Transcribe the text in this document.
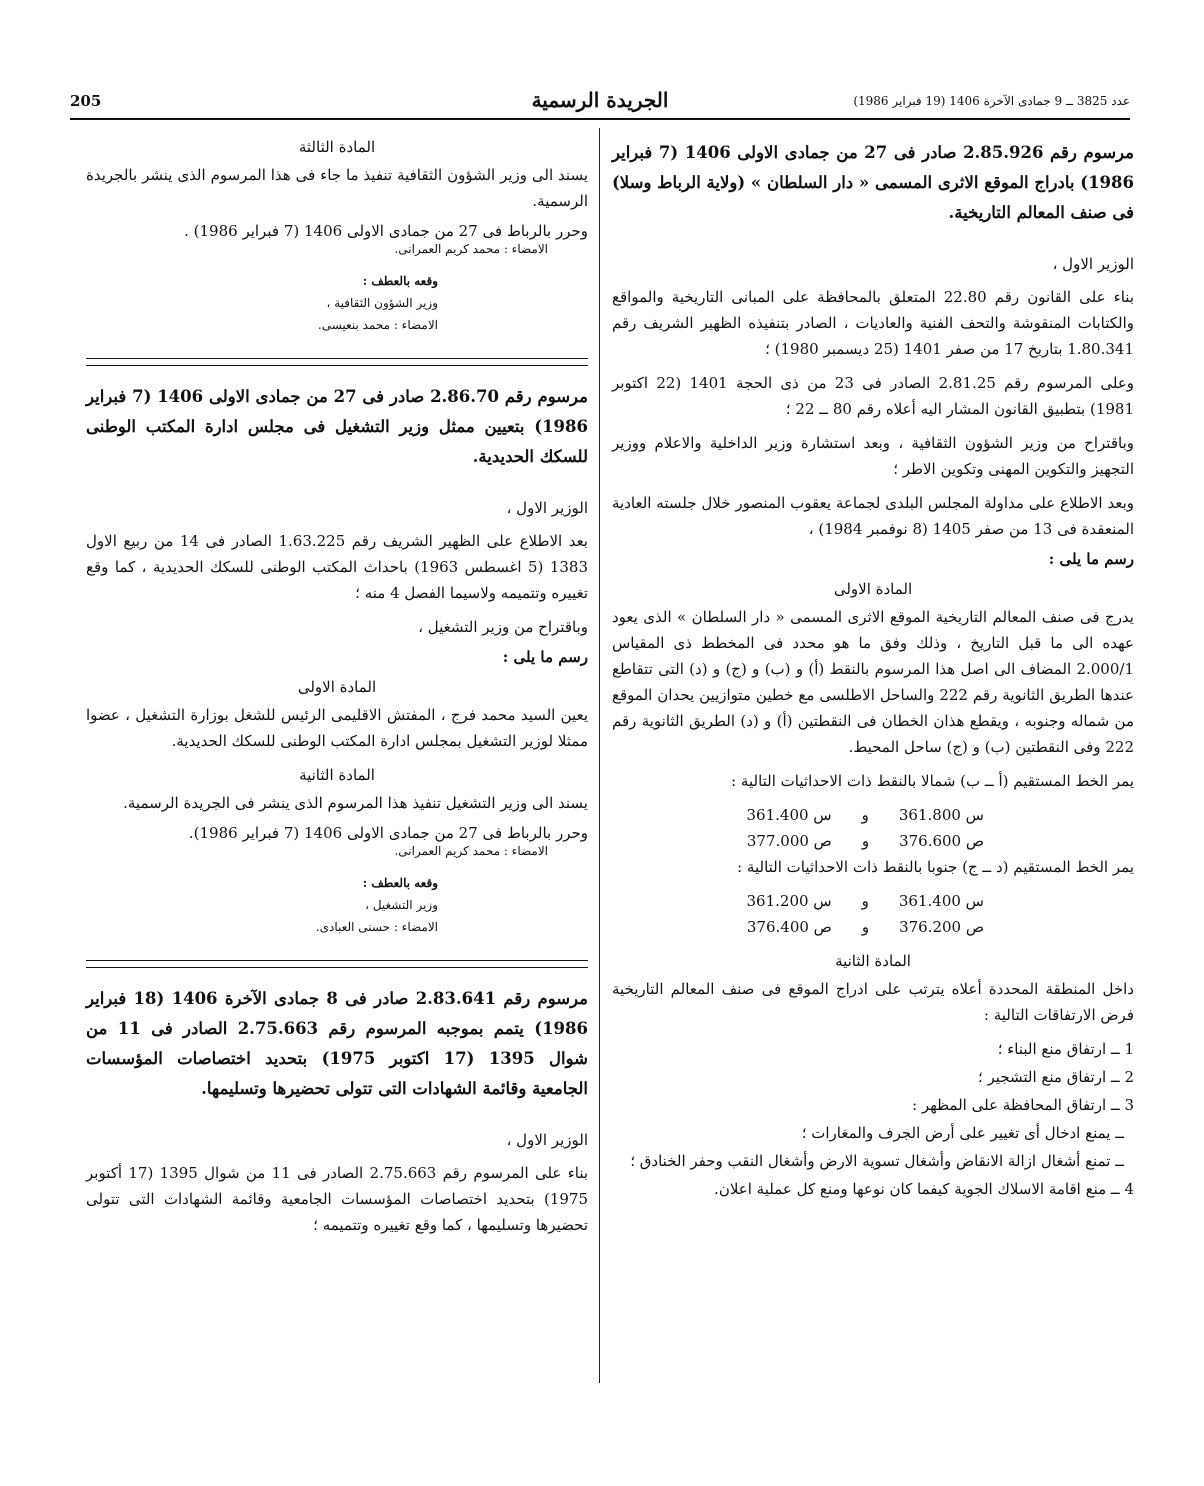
205	الجريدة الرسمية	عدد 3825 ــ 9 جمادى الآخرة 1406 (19 فبراير 1986)
مرسوم رقم 2.85.926 صادر فى 27 من جمادى الاولى 1406 (7 فبراير 1986) بادراج الموقع الاثرى المسمى « دار السلطان » (ولاية الرباط وسلا) فى صنف المعالم التاريخية.
الوزير الاول ،
بناء على القانون رقم 22.80 المتعلق بالمحافظة على المبانى التاريخية والمواقع والكتابات المنقوشة والتحف الفنية والعاديات ، الصادر بتنفيذه الظهير الشريف رقم 1.80.341 بتاريخ 17 من صفر 1401 (25 ديسمبر 1980) ؛
وعلى المرسوم رقم 2.81.25 الصادر فى 23 من ذى الحجة 1401 (22 اكتوبر 1981) بتطبيق القانون المشار اليه أعلاه رقم 80 ــ 22 ؛
وباقتراح من وزير الشؤون الثقافية ، وبعد استشارة وزير الداخلية والاعلام ووزير التجهيز والتكوين المهنى وتكوين الاطر ؛
وبعد الاطلاع على مداولة المجلس البلدى لجماعة يعقوب المنصور خلال جلسته العادية المنعقدة فى 13 من صفر 1405 (8 نوفمبر 1984) ،
رسم ما يلى :
المادة الاولى
يدرج فى صنف المعالم التاريخية الموقع الاثرى المسمى « دار السلطان » الذى يعود عهده الى ما قبل التاريخ ، وذلك وفق ما هو محدد فى المخطط ذى المقياس 2.000/1 المضاف الى اصل هذا المرسوم بالنقط (أ) و (ب) و (ج) و (د) التى تتقاطع عندها الطريق الثانوية رقم 222 والساحل الاطلسى مع خطين متوازيين يحدان الموقع من شماله وجنوبه ، ويقطع هذان الخطان فى النقطتين (أ) و (د) الطريق الثانوية رقم 222 وفى النقطتين (ب) و (ج) ساحل المحيط.
يمر الخط المستقيم (أ ــ ب) شمالا بالنقط ذات الاحداثيات التالية :
س 361.800
و
س 361.400
ص 376.600
و
ص 377.000
يمر الخط المستقيم (د ــ ج) جنوبا بالنقط ذات الاحداثيات التالية :
س 361.400
و
س 361.200
ص 376.200
و
ص 376.400
المادة الثانية
داخل المنطقة المحددة أعلاه يترتب على ادراج الموقع فى صنف المعالم التاريخية فرض الارتفاقات التالية :
1 ــ ارتفاق منع البناء ؛
2 ــ ارتفاق منع التشجير ؛
3 ــ ارتفاق المحافظة على المظهر :
ــ يمنع ادخال أى تغيير على أرض الجرف والمغارات ؛
ــ تمنع أشغال ازالة الانقاض وأشغال تسوية الارض وأشغال النقب وحفر الخنادق ؛
4 ــ منع اقامة الاسلاك الجوية كيفما كان نوعها ومنع كل عملية اعلان.
المادة الثالثة
يسند الى وزير الشؤون الثقافية تنفيذ ما جاء فى هذا المرسوم الذى ينشر بالجريدة الرسمية.
وحرر بالرباط فى 27 من جمادى الاولى 1406 (7 فبراير 1986) .
الامضاء : محمد كريم العمرانى.
وقعه بالعطف :
وزير الشؤون الثقافية ،
الامضاء : محمد بنعيسى.
مرسوم رقم 2.86.70 صادر فى 27 من جمادى الاولى 1406 (7 فبراير 1986) بتعيين ممثل وزير التشغيل فى مجلس ادارة المكتب الوطنى للسكك الحديدية.
الوزير الاول ،
بعد الاطلاع على الظهير الشريف رقم 1.63.225 الصادر فى 14 من ربيع الاول 1383 (5 اغسطس 1963) باحداث المكتب الوطنى للسكك الحديدية ، كما وقع تغييره وتتميمه ولاسيما الفصل 4 منه ؛
وباقتراح من وزير التشغيل ،
رسم ما يلى :
المادة الاولى
يعين السيد محمد فرج ، المفتش الاقليمى الرئيس للشغل بوزارة التشغيل ، عضوا ممثلا لوزير التشغيل بمجلس ادارة المكتب الوطنى للسكك الحديدية.
المادة الثانية
يسند الى وزير التشغيل تنفيذ هذا المرسوم الذى ينشر فى الجريدة الرسمية.
وحرر بالرباط فى 27 من جمادى الاولى 1406 (7 فبراير 1986).
الامضاء : محمد كريم العمرانى.
وقعه بالعطف :
وزير التشغيل ،
الامضاء : حسنى العبادى.
مرسوم رقم 2.83.641 صادر فى 8 جمادى الآخرة 1406 (18 فبراير 1986) يتمم بموجبه المرسوم رقم 2.75.663 الصادر فى 11 من شوال 1395 (17 اكتوبر 1975) بتحديد اختصاصات المؤسسات الجامعية وقائمة الشهادات التى تتولى تحضيرها وتسليمها.
الوزير الاول ،
بناء على المرسوم رقم 2.75.663 الصادر فى 11 من شوال 1395 (17 أكتوبر 1975) بتحديد اختصاصات المؤسسات الجامعية وقائمة الشهادات التى تتولى تحضيرها وتسليمها ، كما وقع تغييره وتتميمه ؛
